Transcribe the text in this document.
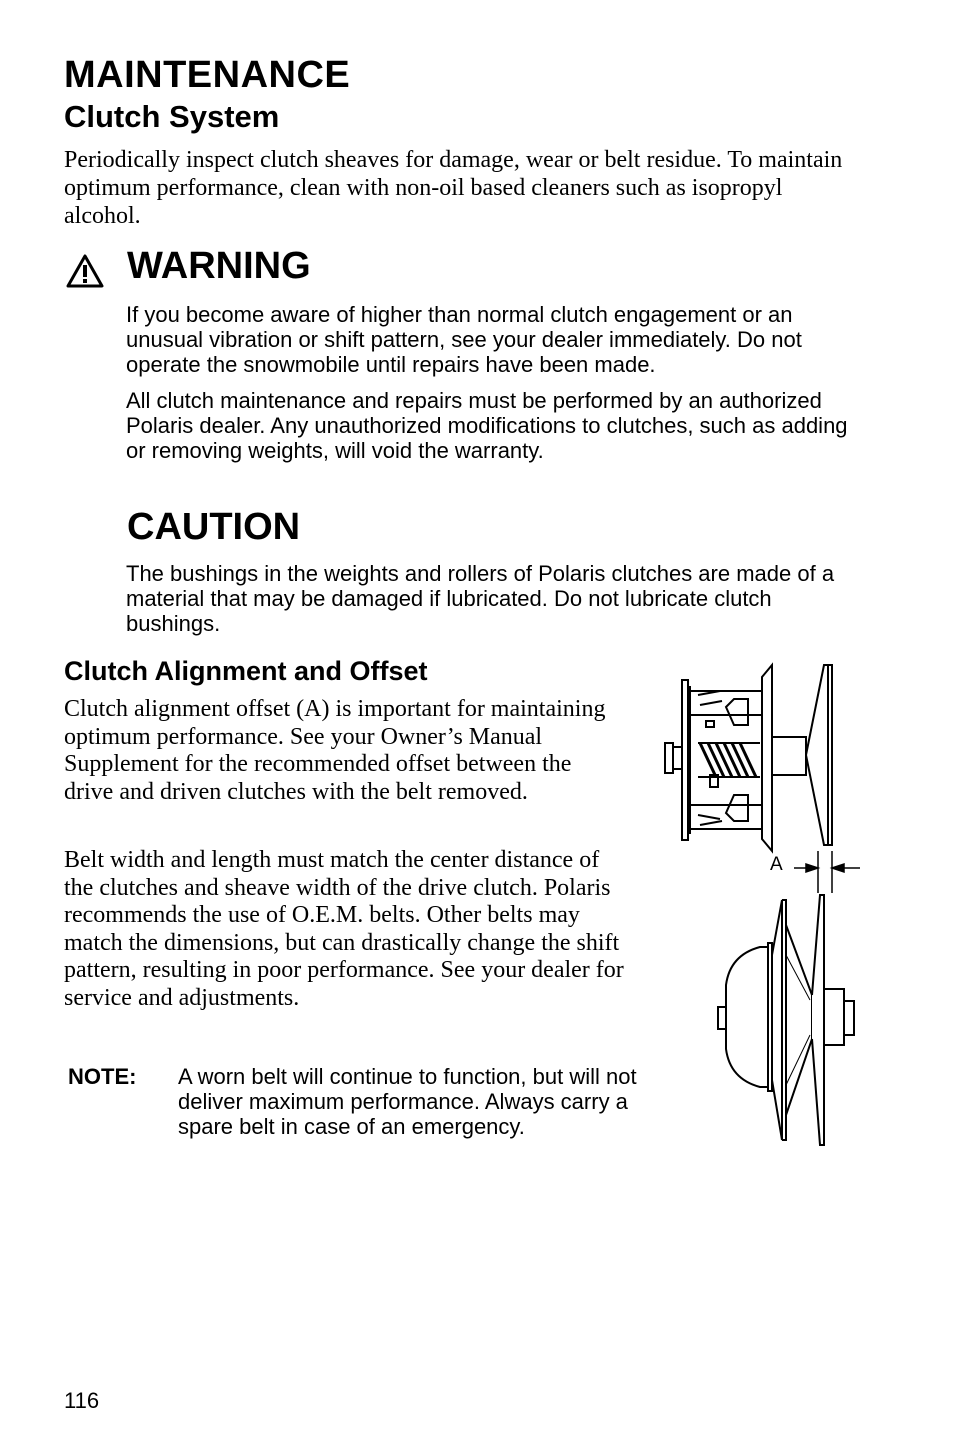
MAINTENANCE
Clutch System

Periodically inspect clutch sheaves for damage, wear or belt residue. To maintain optimum performance, clean with non-oil based cleaners such as isopropyl alcohol.

WARNING

If you become aware of higher than normal clutch engagement or an unusual vibration or shift pattern, see your dealer immediately. Do not operate the snowmobile until repairs have been made.

All clutch maintenance and repairs must be performed by an authorized Polaris dealer. Any unauthorized modifications to clutches, such as adding or removing weights, will void the warranty.

CAUTION

The bushings in the weights and rollers of Polaris clutches are made of a material that may be damaged if lubricated. Do not lubricate clutch bushings.

Clutch Alignment and Offset

Clutch alignment offset (A) is important for maintaining optimum performance. See your Owner’s Manual Supplement for the recommended offset between the drive and driven clutches with the belt removed.

Belt width and length must match the center distance of the clutches and sheave width of the drive clutch. Polaris recommends the use of O.E.M. belts. Other belts may match the dimensions, but can drastically change the shift pattern, resulting in poor performance. See your dealer for service and adjustments.

NOTE: A worn belt will continue to function, but will not deliver maximum performance. Always carry a spare belt in case of an emergency.

A
116
